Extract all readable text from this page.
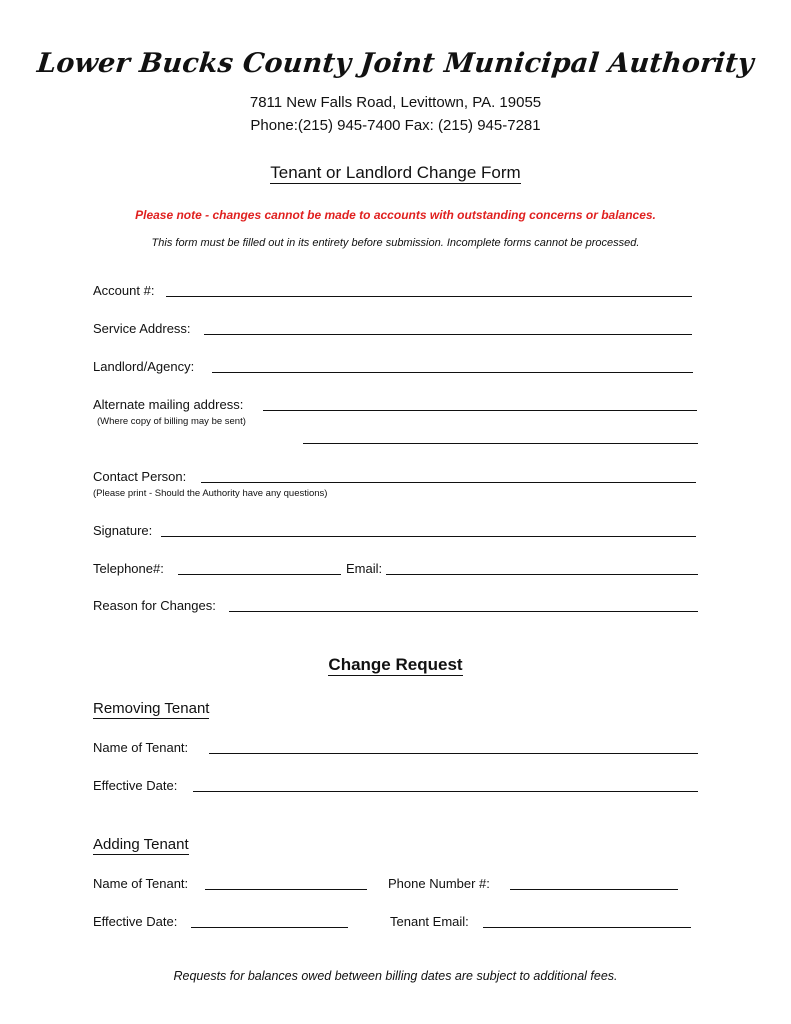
Lower Bucks County Joint Municipal Authority
7811 New Falls Road, Levittown, PA. 19055
Phone:(215) 945-7400 Fax: (215) 945-7281
Tenant or Landlord Change Form
Please note - changes cannot be made to accounts with outstanding concerns or balances.
This form must be filled out in its entirety before submission. Incomplete forms cannot be processed.
Account #:
Service Address:
Landlord/Agency:
Alternate mailing address:
(Where copy of billing may be sent)
Contact Person:
(Please print - Should the Authority have any questions)
Signature:
Telephone#:	Email:
Reason for Changes:
Change Request
Removing Tenant
Name of Tenant:
Effective Date:
Adding Tenant
Name of Tenant:	Phone Number #:
Effective Date:	Tenant Email:
Requests for balances owed between billing dates are subject to additional fees.
